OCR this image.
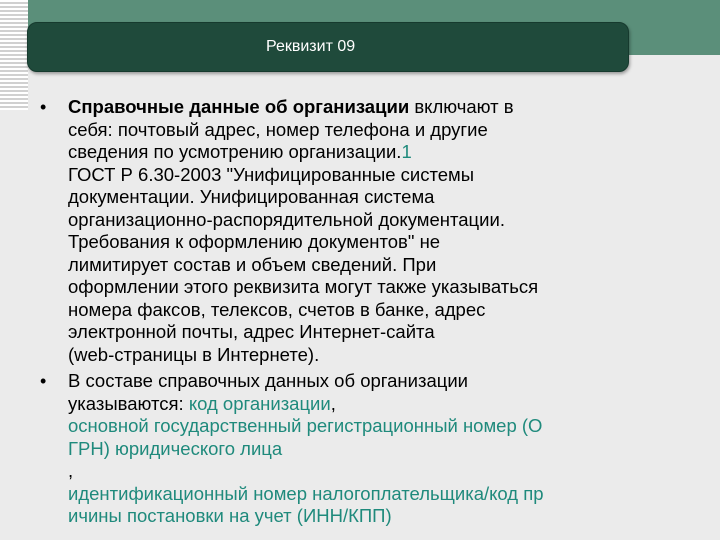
Реквизит 09
• Справочные данные об организации включают в
себя: почтовый адрес, номер телефона и другие
сведения по усмотрению организации.1
ГОСТ Р 6.30-2003 "Унифицированные системы
документации. Унифицированная система
организационно-распорядительной документации.
Требования к оформлению документов" не
лимитирует состав и объем сведений. При
оформлении этого реквизита могут также указываться
номера факсов, телексов, счетов в банке, адрес
электронной почты, адрес Интернет-сайта
(web-страницы в Интернете).
• В составе справочных данных об организации
указываются: код организации,
основной государственный регистрационный номер (О
ГРН) юридического лица
,
идентификационный номер налогоплательщика/код пр
ичины постановки на учет (ИНН/КПП)
